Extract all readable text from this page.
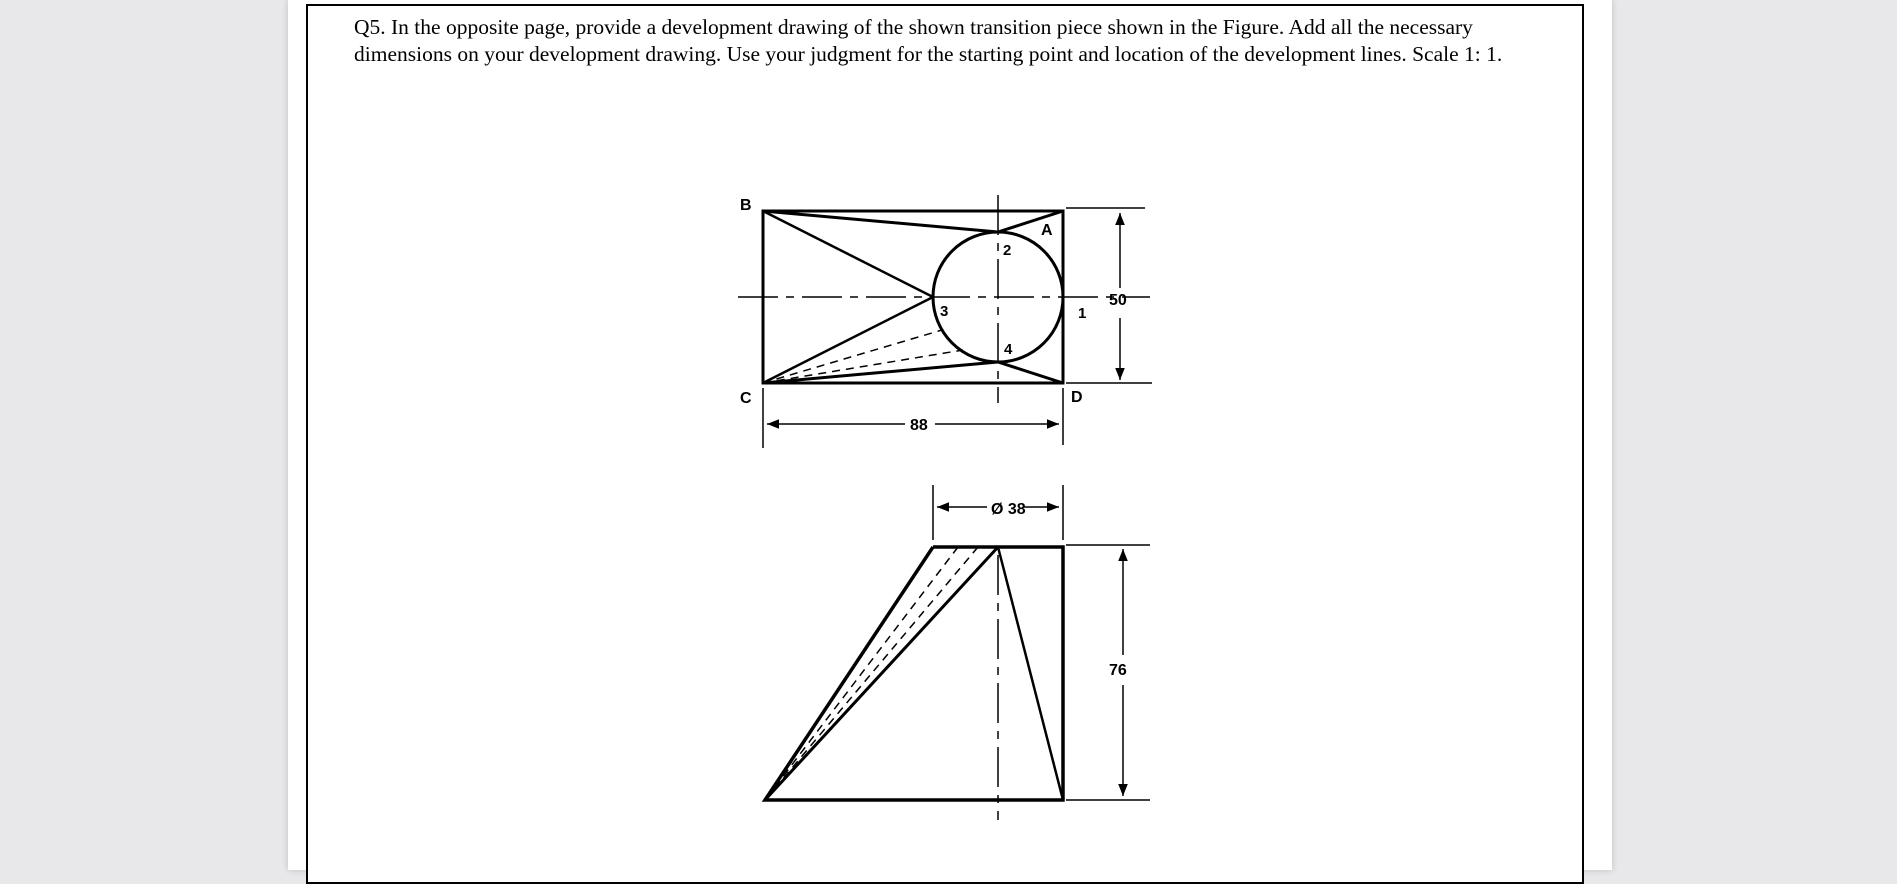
Q5. In the opposite page, provide a development drawing of the shown transition piece shown in the Figure. Add all the necessary dimensions on your development drawing. Use your judgment for the starting point and location of the development lines. Scale 1: 1.

B
C
A
D
2
3
4
1
50
88
Ø 38
76
